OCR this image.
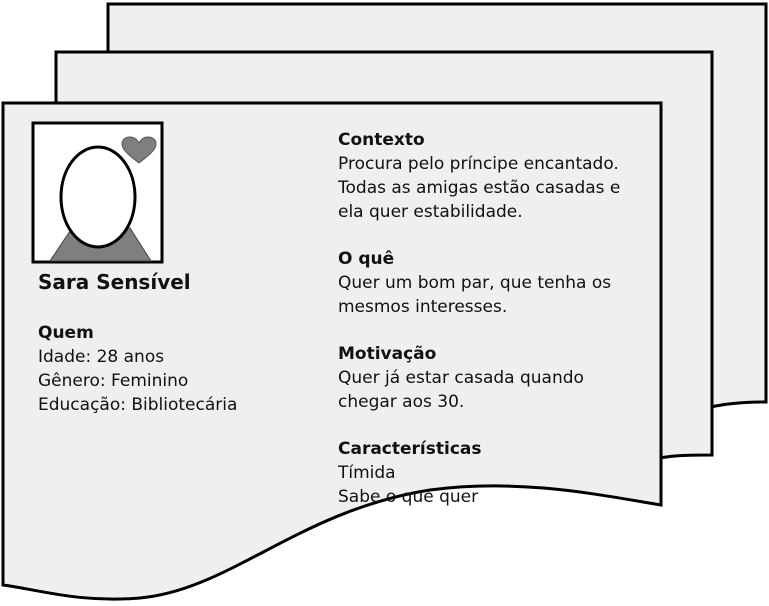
Sara Sensível
Quem
Idade: 28 anos
Gênero: Feminino
Educação: Bibliotecária
Contexto
Procura pelo príncipe encantado.
Todas as amigas estão casadas e
ela quer estabilidade.
O quê
Quer um bom par, que tenha os
mesmos interesses.
Motivação
Quer já estar casada quando
chegar aos 30.
Características
Tímida
Sabe o que quer
